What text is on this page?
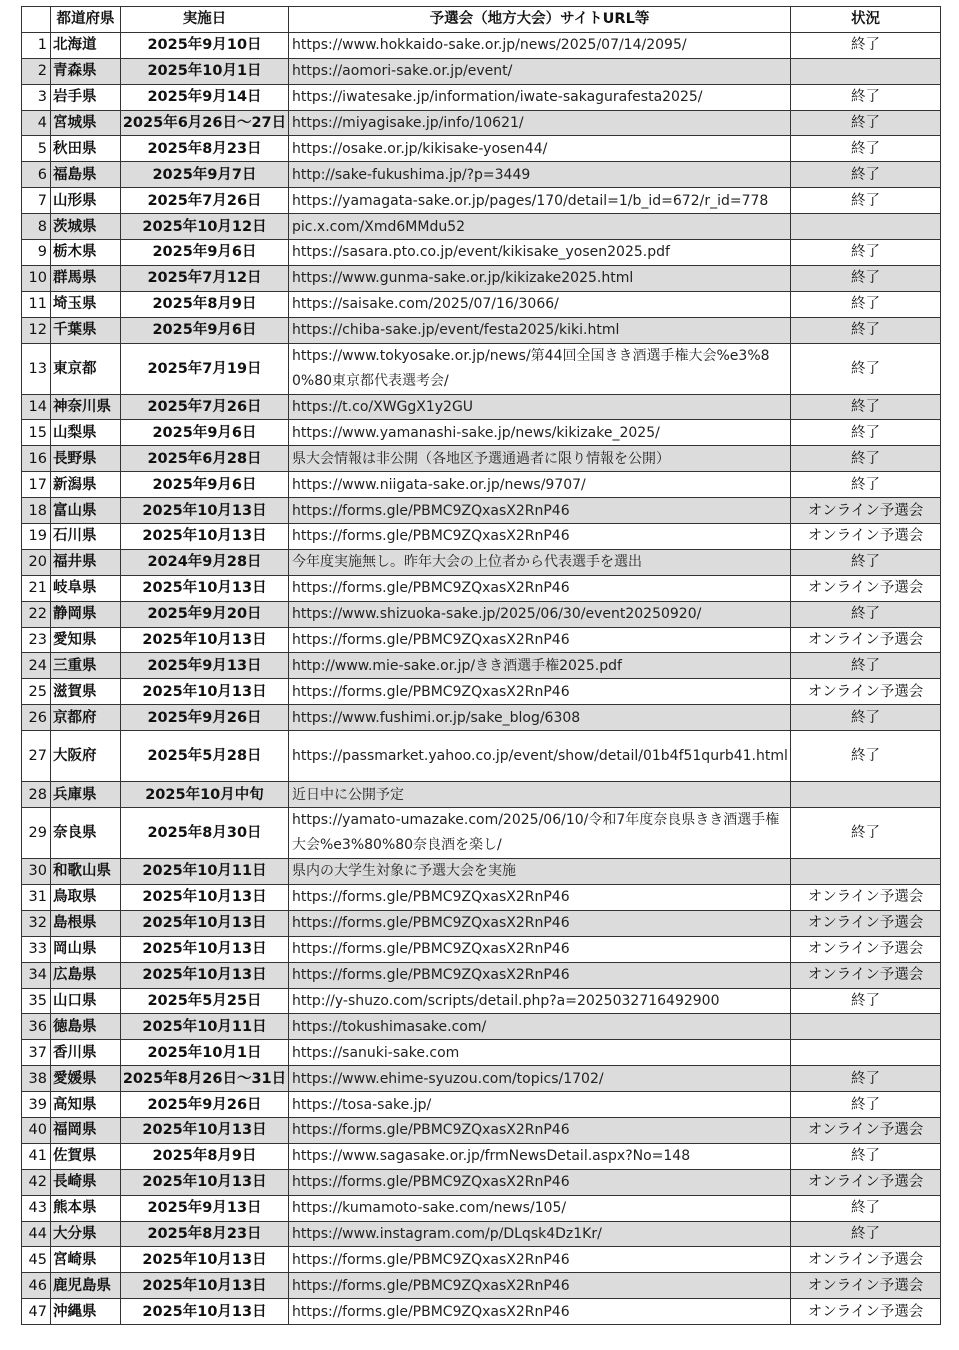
	都道府県	実施日	予選会（地方大会）サイトURL等	状況
1	北海道	2025年9月10日	https://www.hokkaido-sake.or.jp/news/2025/07/14/2095/	終了
2	青森県	2025年10月1日	https://aomori-sake.or.jp/event/	
3	岩手県	2025年9月14日	https://iwatesake.jp/information/iwate-sakagurafesta2025/	終了
4	宮城県	2025年6月26日～27日	https://miyagisake.jp/info/10621/	終了
5	秋田県	2025年8月23日	https://osake.or.jp/kikisake-yosen44/	終了
6	福島県	2025年9月7日	http://sake-fukushima.jp/?p=3449	終了
7	山形県	2025年7月26日	https://yamagata-sake.or.jp/pages/170/detail=1/b_id=672/r_id=778	終了
8	茨城県	2025年10月12日	pic.x.com/Xmd6MMdu52	
9	栃木県	2025年9月6日	https://sasara.pto.co.jp/event/kikisake_yosen2025.pdf	終了
10	群馬県	2025年7月12日	https://www.gunma-sake.or.jp/kikizake2025.html	終了
11	埼玉県	2025年8月9日	https://saisake.com/2025/07/16/3066/	終了
12	千葉県	2025年9月6日	https://chiba-sake.jp/event/festa2025/kiki.html	終了
13	東京都	2025年7月19日	https://www.tokyosake.or.jp/news/第44回全国きき酒選手権大会%e3%80%80東京都代表選考会/	終了
14	神奈川県	2025年7月26日	https://t.co/XWGgX1y2GU	終了
15	山梨県	2025年9月6日	https://www.yamanashi-sake.jp/news/kikizake_2025/	終了
16	長野県	2025年6月28日	県大会情報は非公開（各地区予選通過者に限り情報を公開）	終了
17	新潟県	2025年9月6日	https://www.niigata-sake.or.jp/news/9707/	終了
18	富山県	2025年10月13日	https://forms.gle/PBMC9ZQxasX2RnP46	オンライン予選会
19	石川県	2025年10月13日	https://forms.gle/PBMC9ZQxasX2RnP46	オンライン予選会
20	福井県	2024年9月28日	今年度実施無し。昨年大会の上位者から代表選手を選出	終了
21	岐阜県	2025年10月13日	https://forms.gle/PBMC9ZQxasX2RnP46	オンライン予選会
22	静岡県	2025年9月20日	https://www.shizuoka-sake.jp/2025/06/30/event20250920/	終了
23	愛知県	2025年10月13日	https://forms.gle/PBMC9ZQxasX2RnP46	オンライン予選会
24	三重県	2025年9月13日	http://www.mie-sake.or.jp/きき酒選手権2025.pdf	終了
25	滋賀県	2025年10月13日	https://forms.gle/PBMC9ZQxasX2RnP46	オンライン予選会
26	京都府	2025年9月26日	https://www.fushimi.or.jp/sake_blog/6308	終了
27	大阪府	2025年5月28日	https://passmarket.yahoo.co.jp/event/show/detail/01b4f51qurb41.html	終了
28	兵庫県	2025年10月中旬	近日中に公開予定	
29	奈良県	2025年8月30日	https://yamato-umazake.com/2025/06/10/令和7年度奈良県きき酒選手権大会%e3%80%80奈良酒を楽し/	終了
30	和歌山県	2025年10月11日	県内の大学生対象に予選大会を実施	
31	鳥取県	2025年10月13日	https://forms.gle/PBMC9ZQxasX2RnP46	オンライン予選会
32	島根県	2025年10月13日	https://forms.gle/PBMC9ZQxasX2RnP46	オンライン予選会
33	岡山県	2025年10月13日	https://forms.gle/PBMC9ZQxasX2RnP46	オンライン予選会
34	広島県	2025年10月13日	https://forms.gle/PBMC9ZQxasX2RnP46	オンライン予選会
35	山口県	2025年5月25日	http://y-shuzo.com/scripts/detail.php?a=2025032716492900	終了
36	徳島県	2025年10月11日	https://tokushimasake.com/	
37	香川県	2025年10月1日	https://sanuki-sake.com	
38	愛媛県	2025年8月26日～31日	https://www.ehime-syuzou.com/topics/1702/	終了
39	高知県	2025年9月26日	https://tosa-sake.jp/	終了
40	福岡県	2025年10月13日	https://forms.gle/PBMC9ZQxasX2RnP46	オンライン予選会
41	佐賀県	2025年8月9日	https://www.sagasake.or.jp/frmNewsDetail.aspx?No=148	終了
42	長崎県	2025年10月13日	https://forms.gle/PBMC9ZQxasX2RnP46	オンライン予選会
43	熊本県	2025年9月13日	https://kumamoto-sake.com/news/105/	終了
44	大分県	2025年8月23日	https://www.instagram.com/p/DLqsk4Dz1Kr/	終了
45	宮崎県	2025年10月13日	https://forms.gle/PBMC9ZQxasX2RnP46	オンライン予選会
46	鹿児島県	2025年10月13日	https://forms.gle/PBMC9ZQxasX2RnP46	オンライン予選会
47	沖縄県	2025年10月13日	https://forms.gle/PBMC9ZQxasX2RnP46	オンライン予選会
